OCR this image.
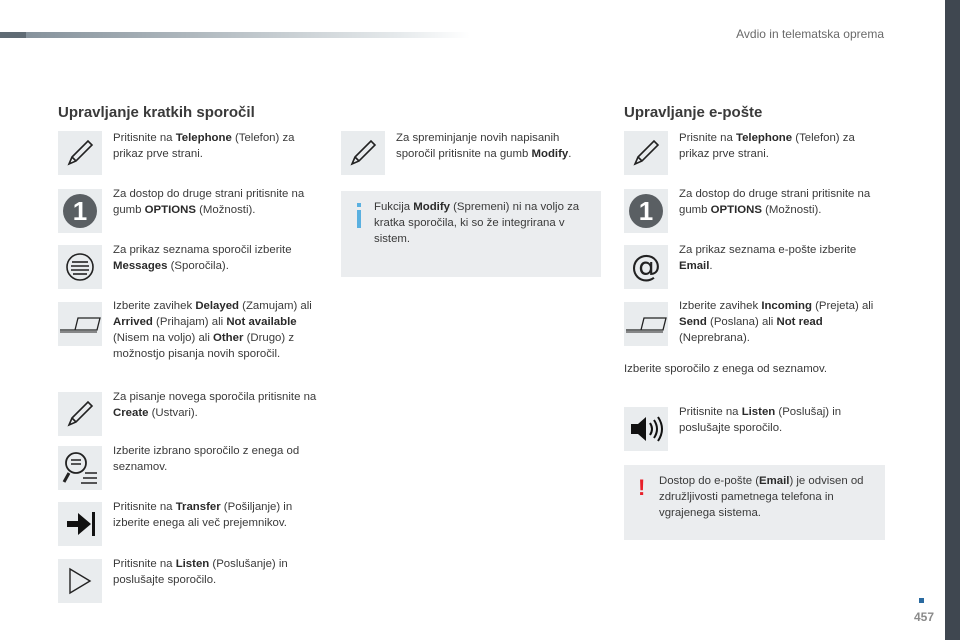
Avdio in telematska oprema
457
Upravljanje kratkih sporočil
Pritisnite na Telephone (Telefon) za prikaz prve strani.
1
Za dostop do druge strani pritisnite na gumb OPTIONS (Možnosti).
Za prikaz seznama sporočil izberite Messages (Sporočila).
Izberite zavihek Delayed (Zamujam) ali Arrived (Prihajam) ali Not available (Nisem na voljo) ali Other (Drugo) z možnostjo pisanja novih sporočil.
Za pisanje novega sporočila pritisnite na Create (Ustvari).
Izberite izbrano sporočilo z enega od seznamov.
Pritisnite na Transfer (Pošiljanje) in izberite enega ali več prejemnikov.
Pritisnite na Listen (Poslušanje) in poslušajte sporočilo.
Za spreminjanje novih napisanih sporočil pritisnite na gumb Modify.
Fukcija Modify (Spremeni) ni na voljo za kratka sporočila, ki so že integrirana v sistem.
Upravljanje e-pošte
Prisnite na Telephone (Telefon) za prikaz prve strani.
1
Za dostop do druge strani pritisnite na gumb OPTIONS (Možnosti).
@ Za prikaz seznama e-pošte izberite Email.
Izberite zavihek Incoming (Prejeta) ali Send (Poslana) ali Not read (Neprebrana).
Izberite sporočilo z enega od seznamov.
Pritisnite na Listen (Poslušaj) in poslušajte sporočilo.
! Dostop do e-pošte (Email) je odvisen od združljivosti pametnega telefona in vgrajenega sistema.
